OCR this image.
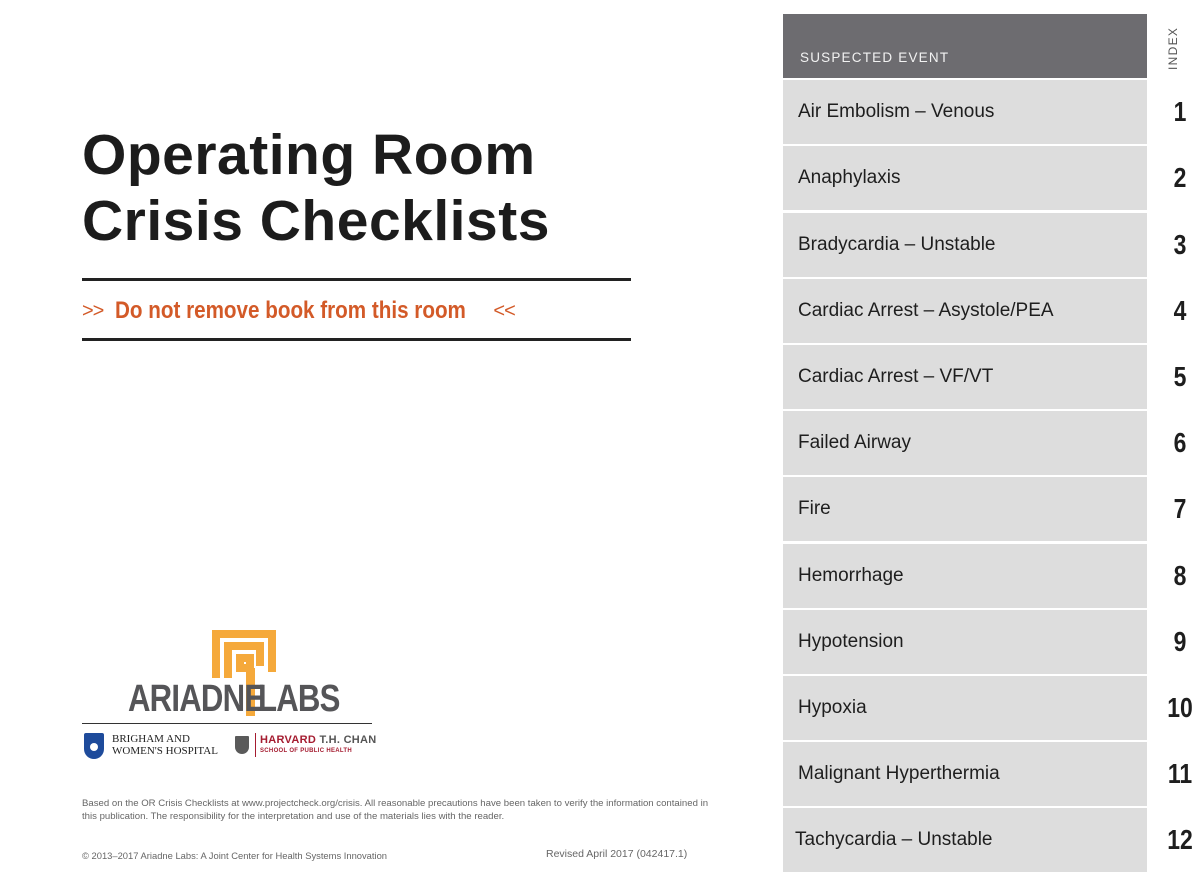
Operating Room
Crisis Checklists
>> Do not remove book from this room <<
ARIADNE
LABS
BRIGHAM AND
WOMEN'S HOSPITAL
HARVARD T.H. CHAN
SCHOOL OF PUBLIC HEALTH
Based on the OR Crisis Checklists at www.projectcheck.org/crisis. All reasonable precautions have been taken to verify the information contained in this publication. The responsibility for the interpretation and use of the materials lies with the reader.
© 2013–2017 Ariadne Labs: A Joint Center for Health Systems Innovation	Revised April 2017 (042417.1)
INDEX
SUSPECTED EVENT
Air Embolism – Venous	1
Anaphylaxis	2
Bradycardia – Unstable	3
Cardiac Arrest – Asystole/PEA	4
Cardiac Arrest – VF/VT	5
Failed Airway	6
Fire	7
Hemorrhage	8
Hypotension	9
Hypoxia	10
Malignant Hyperthermia	11
Tachycardia – Unstable	12
